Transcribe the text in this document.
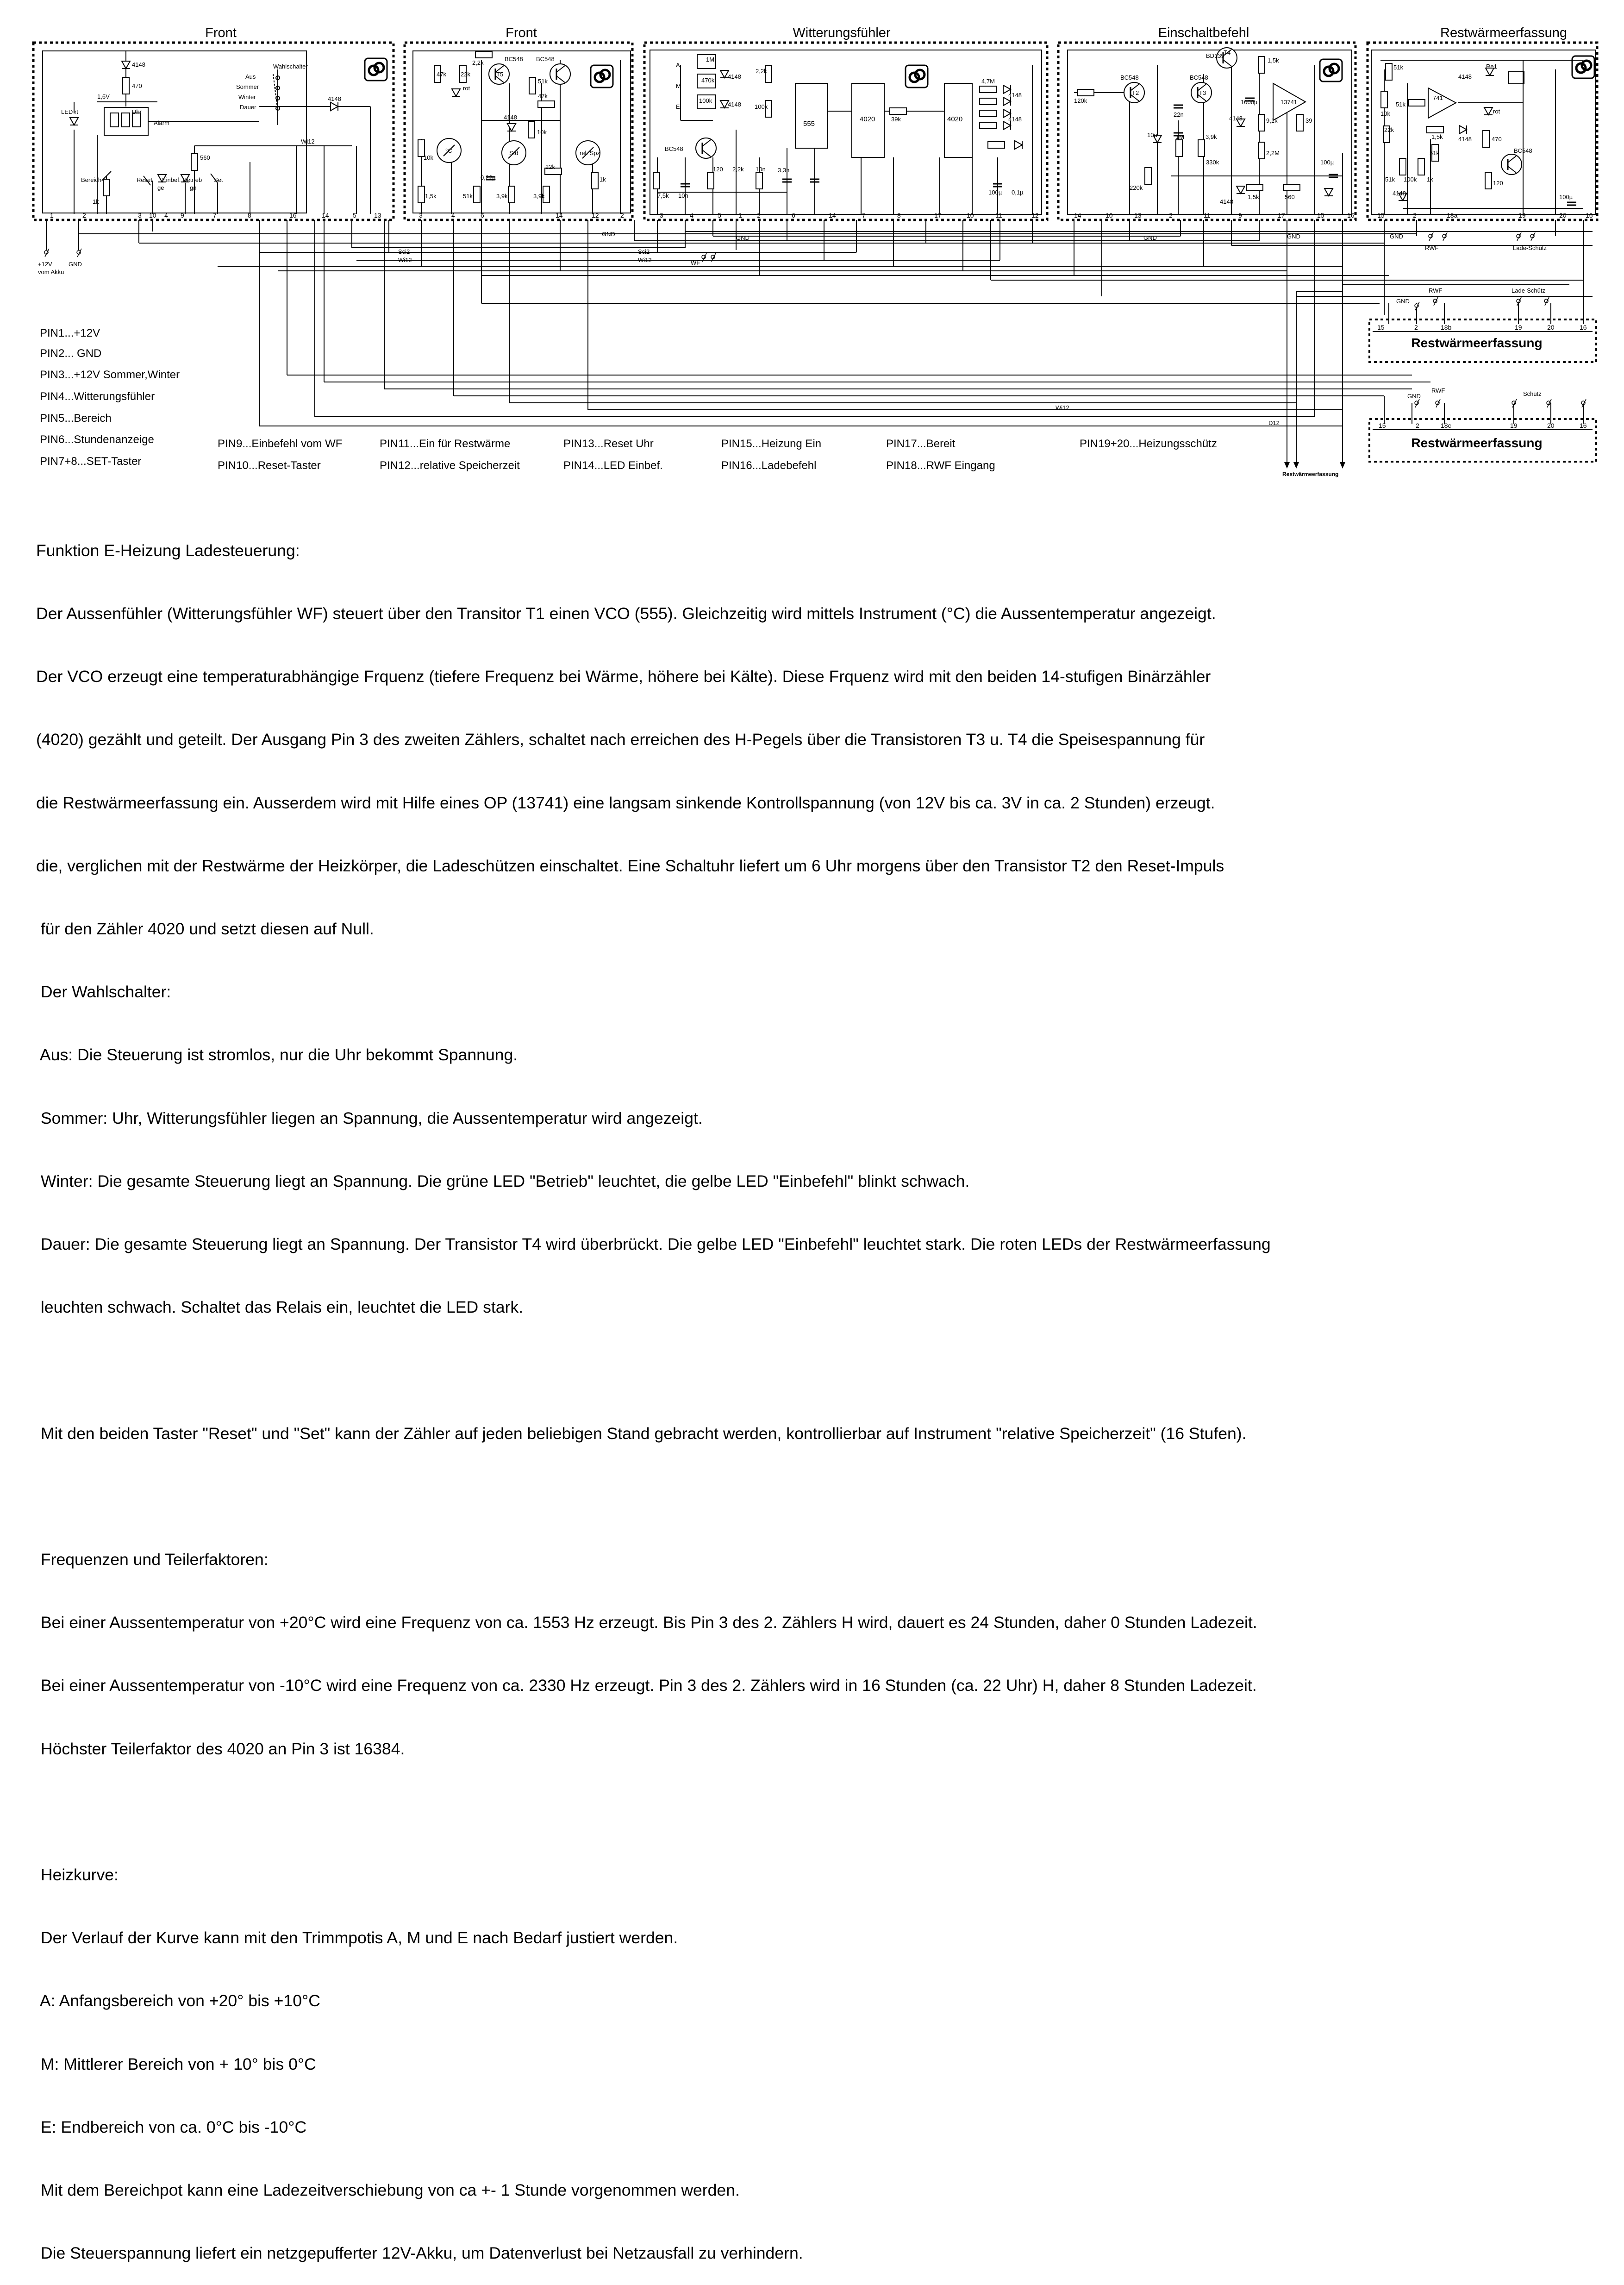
Front	Front	Witterungsfühler	Einschaltbefehl	Restwärmeerfassung
4148
470
1,6V
Uhr
Alarm
LED rt
Wahlschalter
Aus
Sommer
Winter
Dauer
4148
Wi12
560
Bereich
1k
Reset
ge
Einbef. Betrieb
gn
Set
47k
2,2k
22k	T5
BC548 BC548
rot
51k
47k
4148
10k
10k
°C	Std	rel. Spz
0,22µ
22k
1k
1,5k	51k	3,9k	3,9k
1M
470k
100k
4148
4148
A
M
E
2,2k
100k
555
4020	39k	4020
4,7M
4148
4148
BC548
120 2,2k 10n 3,3n
7,5k 10n	100µ 0,1µ
BD139
T4
1,5k
120k
BC548
T2
BC548
T3
22n
1000µ	13741
4148
10µ	1M	3,9k
9,1k	39
220k
330k
2,2M
4148
1,5k	560
100µ
51k
4148
Re1
10k
51k
741
rot
22k
1,5k	4148	470
51k
51k 100k 1k
BC548
120
100µ
4148
1	2	3 10 4 9	7	8	16	14	5	13	3	4	6	14	12	2	3	4	5	1 2	6	14	7	8	17	10	11	12	14	10	13	2	11	9	17	15	16	15	2	18a	19	20	16
Restwärmeerfassung
+12V
vom Akku
GND
GND
GND	GND	GND	GND
Sci2
Wi12
Sci2
Wi12	WF
RWF	Lade-Schütz
Wi12
D12
GND
RWF	Lade-Schütz
15	2	18b	19	20	16
Restwärmeerfassung
GND
RWF	Schütz
15	2	18c	19	20	16
Restwärmeerfassung
PIN1...+12V
PIN2... GND
PIN3...+12V Sommer,Winter
PIN4...Witterungsfühler
PIN5...Bereich
PIN6...Stundenanzeige
PIN7+8...SET-Taster
PIN9...Einbefehl vom WF
PIN10...Reset-Taster
PIN11...Ein für Restwärme
PIN12...relative Speicherzeit
PIN13...Reset Uhr
PIN14...LED Einbef.
PIN15...Heizung Ein
PIN16...Ladebefehl
PIN17...Bereit
PIN18...RWF Eingang
PIN19+20...Heizungsschütz

Funktion E-Heizung Ladesteuerung:

Der Aussenfühler (Witterungsfühler WF) steuert über den Transitor T1 einen VCO (555). Gleichzeitig wird mittels Instrument (°C) die Aussentemperatur angezeigt.

Der VCO erzeugt eine temperaturabhängige Frquenz (tiefere Frequenz bei Wärme, höhere bei Kälte). Diese Frquenz wird mit den beiden 14-stufigen Binärzähler

(4020) gezählt und geteilt. Der Ausgang Pin 3 des zweiten Zählers, schaltet nach erreichen des H-Pegels über die Transistoren T3 u. T4 die Speisespannung für

die Restwärmeerfassung ein. Ausserdem wird mit Hilfe eines OP (13741) eine langsam sinkende Kontrollspannung (von 12V bis ca. 3V in ca. 2 Stunden) erzeugt.

die, verglichen mit der Restwärme der Heizkörper, die Ladeschützen einschaltet. Eine Schaltuhr liefert um 6 Uhr morgens über den Transistor T2 den Reset-Impuls

für den Zähler 4020 und setzt diesen auf Null.

Der Wahlschalter:

Aus: Die Steuerung ist stromlos, nur die Uhr bekommt Spannung.

Sommer: Uhr, Witterungsfühler liegen an Spannung, die Aussentemperatur wird angezeigt.

Winter: Die gesamte Steuerung liegt an Spannung. Die grüne LED "Betrieb" leuchtet, die gelbe LED "Einbefehl" blinkt schwach.

Dauer: Die gesamte Steuerung liegt an Spannung. Der Transistor T4 wird überbrückt. Die gelbe LED "Einbefehl" leuchtet stark. Die roten LEDs der Restwärmeerfassung

leuchten schwach. Schaltet das Relais ein, leuchtet die LED stark.

Mit den beiden Taster "Reset" und "Set" kann der Zähler auf jeden beliebigen Stand gebracht werden, kontrollierbar auf Instrument "relative Speicherzeit" (16 Stufen).

Frequenzen und Teilerfaktoren:

Bei einer Aussentemperatur von +20°C wird eine Frequenz von ca. 1553 Hz erzeugt. Bis Pin 3 des 2. Zählers H wird, dauert es 24 Stunden, daher 0 Stunden Ladezeit.

Bei einer Aussentemperatur von -10°C wird eine Frequenz von ca. 2330 Hz erzeugt. Pin 3 des 2. Zählers wird in 16 Stunden (ca. 22 Uhr) H, daher 8 Stunden Ladezeit.

Höchster Teilerfaktor des 4020 an Pin 3 ist 16384.

Heizkurve:

Der Verlauf der Kurve kann mit den Trimmpotis A, M und E nach Bedarf justiert werden.

A: Anfangsbereich von +20° bis +10°C

M: Mittlerer Bereich von + 10° bis 0°C

E: Endbereich von ca. 0°C bis -10°C

Mit dem Bereichpot kann eine Ladezeitverschiebung von ca +- 1 Stunde vorgenommen werden.

Die Steuerspannung liefert ein netzgepufferter 12V-Akku, um Datenverlust bei Netzausfall zu verhindern.
